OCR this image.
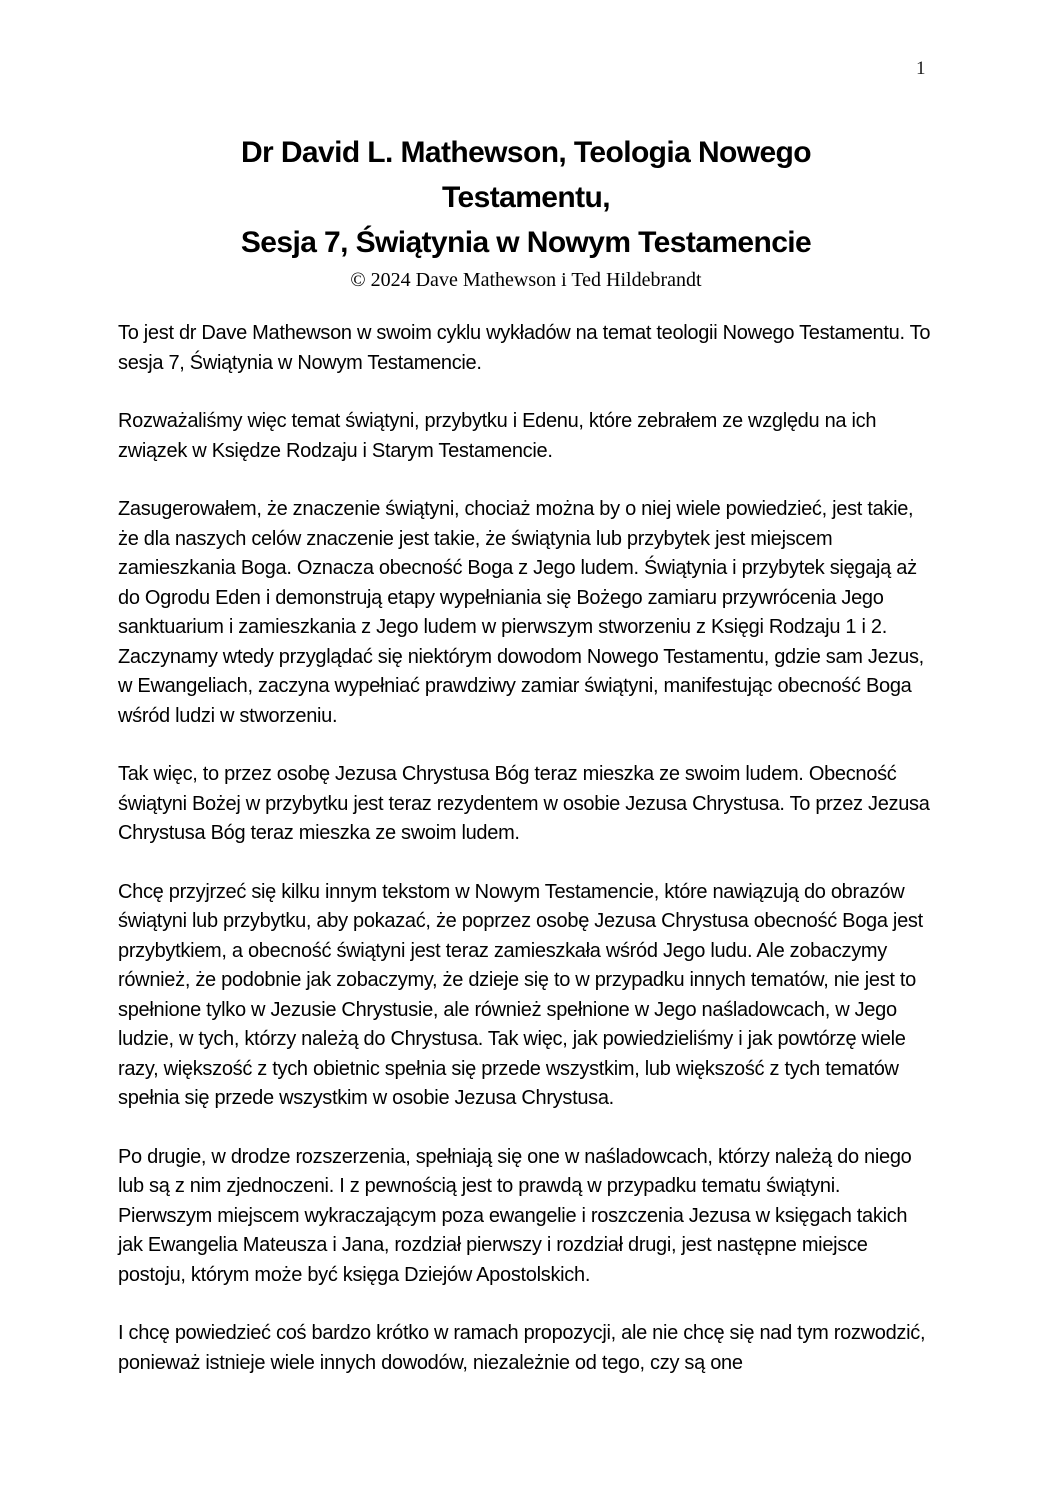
1
Dr David L. Mathewson, Teologia Nowego
Testamentu,
Sesja 7, Świątynia w Nowym Testamencie
© 2024 Dave Mathewson i Ted Hildebrandt

To jest dr Dave Mathewson w swoim cyklu wykładów na temat teologii Nowego Testamentu. To sesja 7, Świątynia w Nowym Testamencie.

Rozważaliśmy więc temat świątyni, przybytku i Edenu, które zebrałem ze względu na ich związek w Księdze Rodzaju i Starym Testamencie.

Zasugerowałem, że znaczenie świątyni, chociaż można by o niej wiele powiedzieć, jest takie, że dla naszych celów znaczenie jest takie, że świątynia lub przybytek jest miejscem zamieszkania Boga. Oznacza obecność Boga z Jego ludem. Świątynia i przybytek sięgają aż do Ogrodu Eden i demonstrują etapy wypełniania się Bożego zamiaru przywrócenia Jego sanktuarium i zamieszkania z Jego ludem w pierwszym stworzeniu z Księgi Rodzaju 1 i 2. Zaczynamy wtedy przyglądać się niektórym dowodom Nowego Testamentu, gdzie sam Jezus, w Ewangeliach, zaczyna wypełniać prawdziwy zamiar świątyni, manifestując obecność Boga wśród ludzi w stworzeniu.

Tak więc, to przez osobę Jezusa Chrystusa Bóg teraz mieszka ze swoim ludem. Obecność świątyni Bożej w przybytku jest teraz rezydentem w osobie Jezusa Chrystusa. To przez Jezusa Chrystusa Bóg teraz mieszka ze swoim ludem.

Chcę przyjrzeć się kilku innym tekstom w Nowym Testamencie, które nawiązują do obrazów świątyni lub przybytku, aby pokazać, że poprzez osobę Jezusa Chrystusa obecność Boga jest przybytkiem, a obecność świątyni jest teraz zamieszkała wśród Jego ludu. Ale zobaczymy również, że podobnie jak zobaczymy, że dzieje się to w przypadku innych tematów, nie jest to spełnione tylko w Jezusie Chrystusie, ale również spełnione w Jego naśladowcach, w Jego ludzie, w tych, którzy należą do Chrystusa. Tak więc, jak powiedzieliśmy i jak powtórzę wiele razy, większość z tych obietnic spełnia się przede wszystkim, lub większość z tych tematów spełnia się przede wszystkim w osobie Jezusa Chrystusa.

Po drugie, w drodze rozszerzenia, spełniają się one w naśladowcach, którzy należą do niego lub są z nim zjednoczeni. I z pewnością jest to prawdą w przypadku tematu świątyni. Pierwszym miejscem wykraczającym poza ewangelie i roszczenia Jezusa w księgach takich jak Ewangelia Mateusza i Jana, rozdział pierwszy i rozdział drugi, jest następne miejsce postoju, którym może być księga Dziejów Apostolskich.

I chcę powiedzieć coś bardzo krótko w ramach propozycji, ale nie chcę się nad tym rozwodzić, ponieważ istnieje wiele innych dowodów, niezależnie od tego, czy są one
